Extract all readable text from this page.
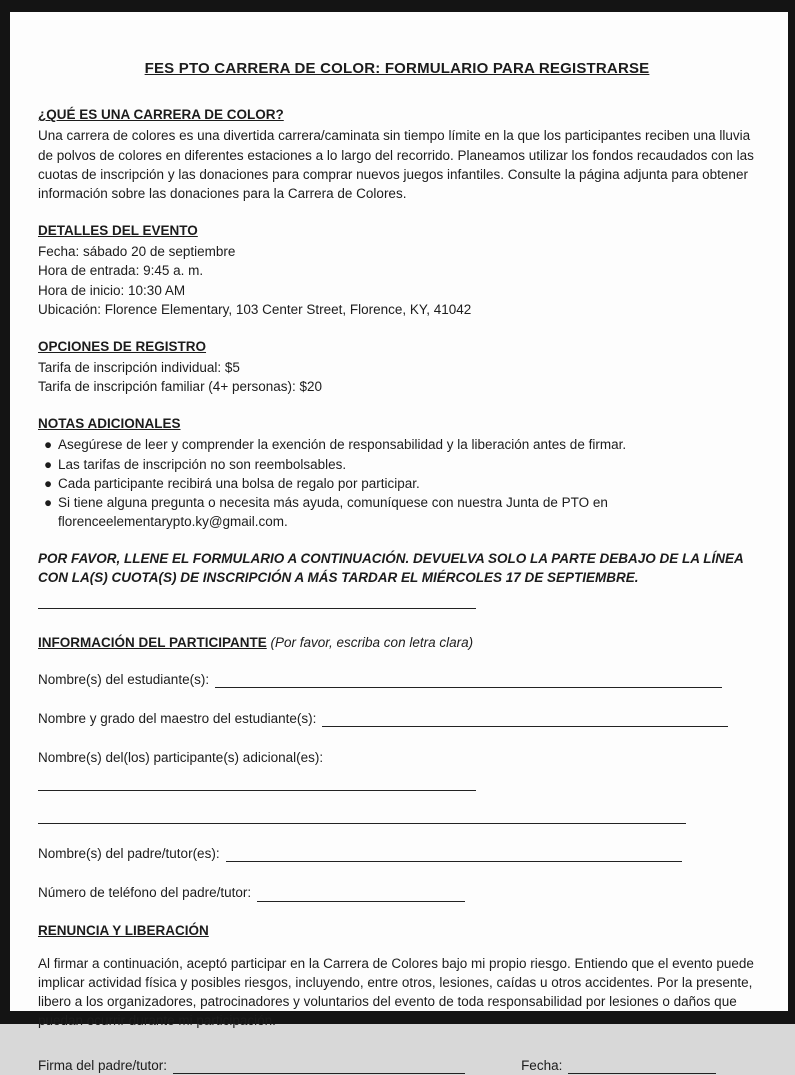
FES PTO CARRERA DE COLOR: FORMULARIO PARA REGISTRARSE
¿QUÉ ES UNA CARRERA DE COLOR?

Una carrera de colores es una divertida carrera/caminata sin tiempo límite en la que los participantes reciben una lluvia de polvos de colores en diferentes estaciones a lo largo del recorrido. Planeamos utilizar los fondos recaudados con las cuotas de inscripción y las donaciones para comprar nuevos juegos infantiles. Consulte la página adjunta para obtener información sobre las donaciones para la Carrera de Colores.

DETALLES DEL EVENTO

Fecha: sábado 20 de septiembre

Hora de entrada: 9:45 a. m.

Hora de inicio: 10:30 AM

Ubicación: Florence Elementary, 103 Center Street, Florence, KY, 41042

OPCIONES DE REGISTRO

Tarifa de inscripción individual: $5

Tarifa de inscripción familiar (4+ personas): $20

NOTAS ADICIONALES
● Asegúrese de leer y comprender la exención de responsabilidad y la liberación antes de firmar.
● Las tarifas de inscripción no son reembolsables.
● Cada participante recibirá una bolsa de regalo por participar.
● Si tiene alguna pregunta o necesita más ayuda, comuníquese con nuestra Junta de PTO en florenceelementarypto.ky@gmail.com.

POR FAVOR, LLENE EL FORMULARIO A CONTINUACIÓN. DEVUELVA SOLO LA PARTE DEBAJO DE LA LÍNEA CON LA(S) CUOTA(S) DE INSCRIPCIÓN A MÁS TARDAR EL MIÉRCOLES 17 DE SEPTIEMBRE.

INFORMACIÓN DEL PARTICIPANTE (Por favor, escriba con letra clara)
Nombre(s) del estudiante(s):
Nombre y grado del maestro del estudiante(s):
Nombre(s) del(los) participante(s) adicional(es):
Nombre(s) del padre/tutor(es):
Número de teléfono del padre/tutor:
RENUNCIA Y LIBERACIÓN

Al firmar a continuación, aceptó participar en la Carrera de Colores bajo mi propio riesgo. Entiendo que el evento puede implicar actividad física y posibles riesgos, incluyendo, entre otros, lesiones, caídas u otros accidentes. Por la presente, libero a los organizadores, patrocinadores y voluntarios del evento de toda responsabilidad por lesiones o daños que puedan ocurrir durante mi participación.

Firma del padre/tutor:	Fecha:
